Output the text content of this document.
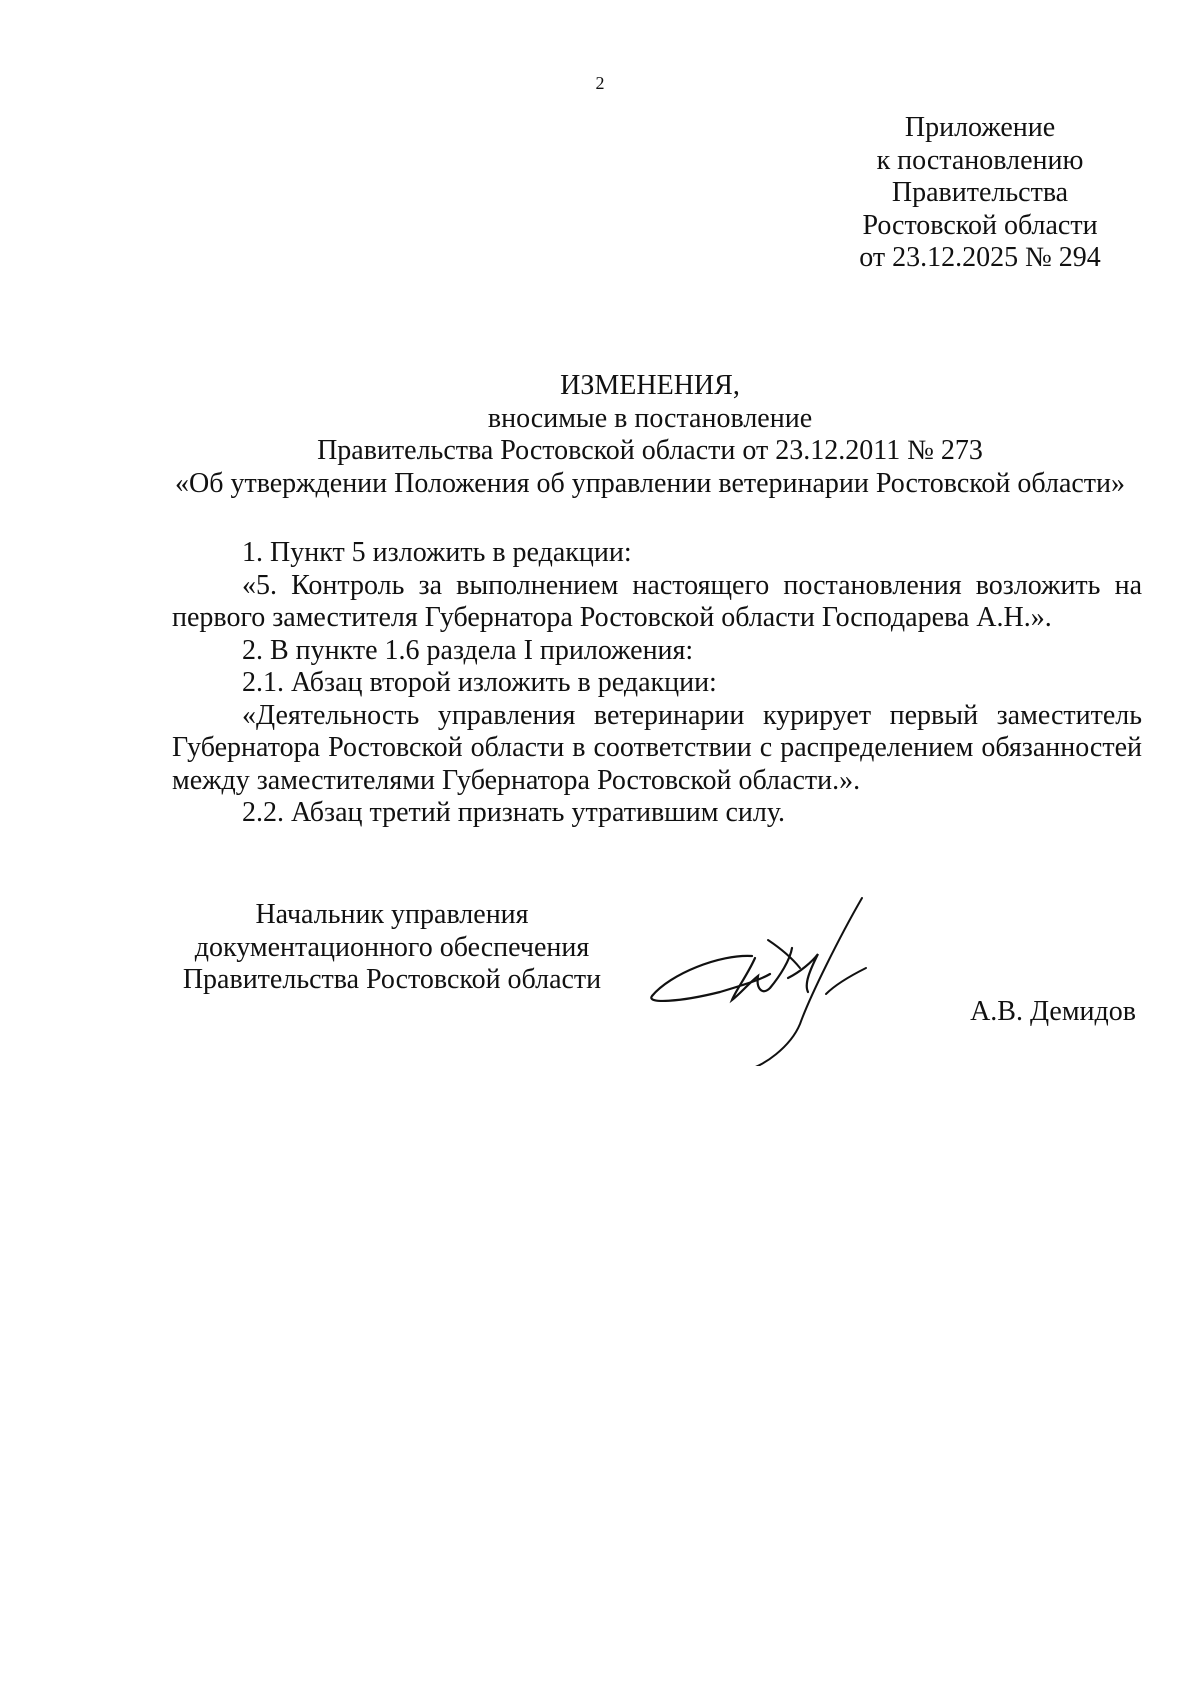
2
Приложение
к постановлению
Правительства
Ростовской области
от 23.12.2025 № 294
ИЗМЕНЕНИЯ,
вносимые в постановление
Правительства Ростовской области от 23.12.2011 № 273
«Об утверждении Положения об управлении ветеринарии Ростовской области»

1. Пункт 5 изложить в редакции:

«5. Контроль за выполнением настоящего постановления возложить на первого заместителя Губернатора Ростовской области Господарева А.Н.».

2. В пункте 1.6 раздела I приложения:

2.1. Абзац второй изложить в редакции:

«Деятельность управления ветеринарии курирует первый заместитель Губернатора Ростовской области в соответствии с распределением обязанностей между заместителями Губернатора Ростовской области.».

2.2. Абзац третий признать утратившим силу.

Начальник управления
документационного обеспечения
Правительства Ростовской области
А.В. Демидов
